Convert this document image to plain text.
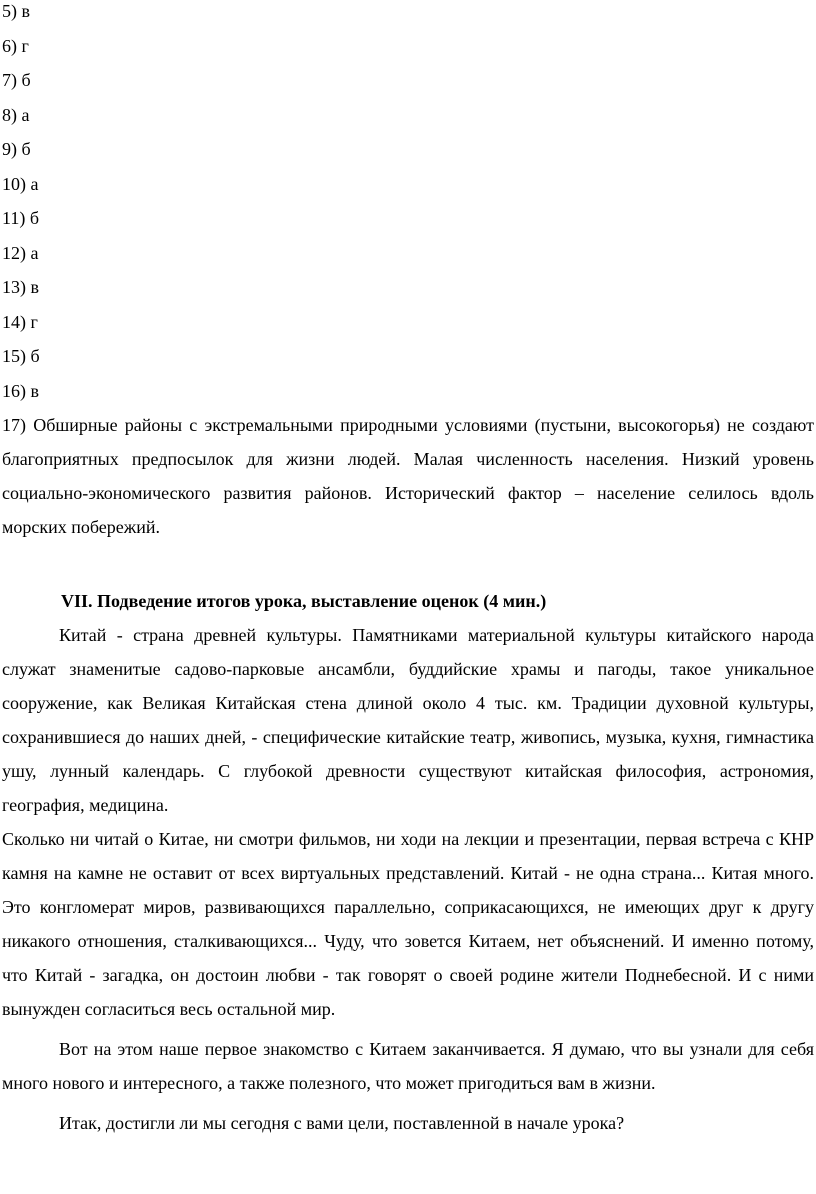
5) в
6) г
7) б
8) а
9) б
10) а
11) б
12) а
13) в
14) г
15) б
16) в

17) Обширные районы с экстремальными природными условиями (пустыни, высокогорья) не создают благоприятных предпосылок для жизни людей. Малая численность населения. Низкий уровень социально-экономического развития районов. Исторический фактор – население селилось вдоль морских побережий.

VII. Подведение итогов урока, выставление оценок (4 мин.)

Китай - страна древней культуры. Памятниками материальной культуры китайского народа служат знаменитые садово-парковые ансамбли, буддийские храмы и пагоды, такое уникальное сооружение, как Великая Китайская стена длиной около 4 тыс. км. Традиции духовной культуры, сохранившиеся до наших дней, - специфические китайские театр, живопись, музыка, кухня, гимнастика ушу, лунный календарь. С глубокой древности существуют китайская философия, астрономия, география, медицина.

Сколько ни читай о Китае, ни смотри фильмов, ни ходи на лекции и презентации, первая встреча с КНР камня на камне не оставит от всех виртуальных представлений. Китай - не одна страна... Китая много. Это конгломерат миров, развивающихся параллельно, соприкасающихся, не имеющих друг к другу никакого отношения, сталкивающихся... Чуду, что зовется Китаем, нет объяснений. И именно потому, что Китай - загадка, он достоин любви - так говорят о своей родине жители Поднебесной. И с ними вынужден согласиться весь остальной мир.

Вот на этом наше первое знакомство с Китаем заканчивается. Я думаю, что вы узнали для себя много нового и интересного, а также полезного, что может пригодиться вам в жизни.

Итак, достигли ли мы сегодня с вами цели, поставленной в начале урока?
